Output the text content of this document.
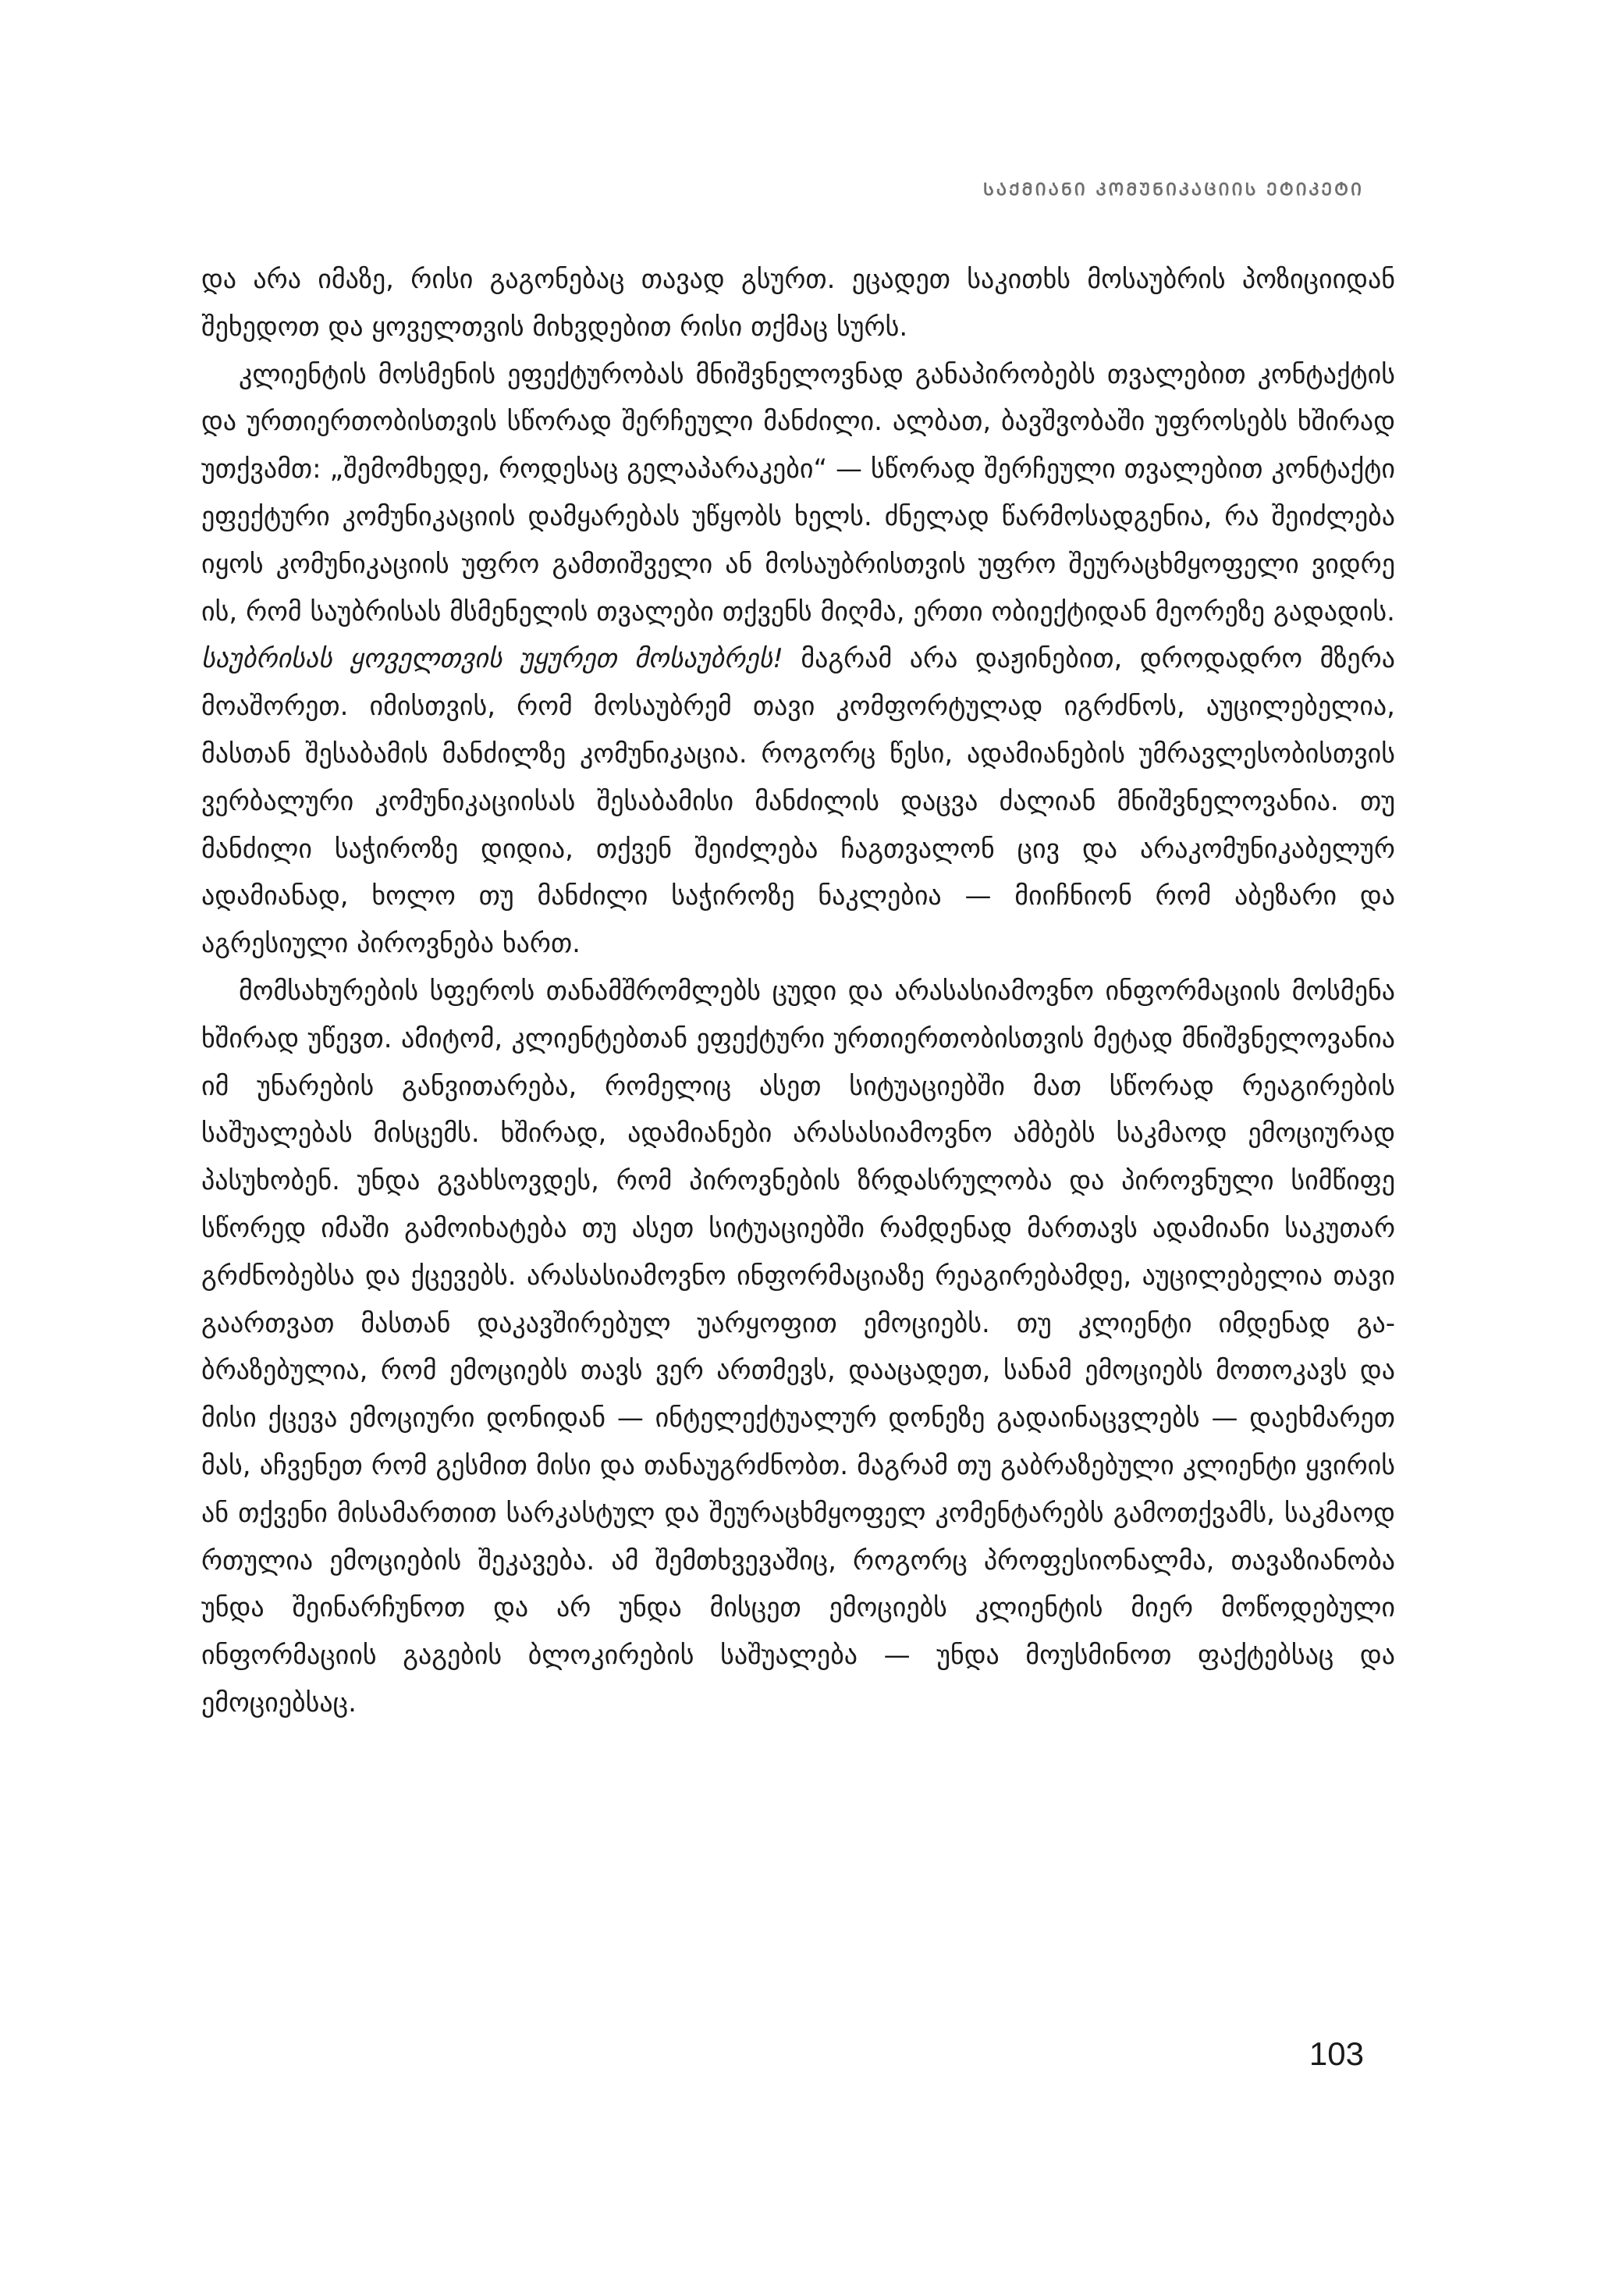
ᲡᲐᲥᲛᲘᲐᲜᲘ ᲙᲝᲛᲣᲜᲘᲙᲐᲪᲘᲘᲡ ᲔᲢᲘᲙᲔᲢᲘ

და არა იმაზე, რისი გაგონებაც თავად გსურთ. ეცადეთ საკითხს მოსაუბრის პოზიციიდან შეხედოთ და ყოველთვის მიხვდებით რისი თქმაც სურს.

კლიენტის მოსმენის ეფექტურობას მნიშვნელოვნად განაპირობებს თვალებით კონტაქტის და ურთიერთობისთვის სწორად შერჩეული მანძილი. ალბათ, ბავშვობაში უფროსებს ხშირად უთქვამთ: „შემომხედე, როდესაც გელაპარაკები“ — სწორად შერჩეული თვალებით კონტაქტი ეფექტური კომუნიკაციის დამყარებას უწყობს ხელს. ძნელად წარმოსადგენია, რა შეიძლება იყოს კომუნიკაციის უფრო გამთიშველი ან მოსაუბრისთვის უფრო შეურაცხმყოფელი ვიდრე ის, რომ საუბრისას მსმენელის თვალები თქვენს მიღმა, ერთი ობიექტიდან მეორეზე გადადის. საუბრისას ყოველთვის უყურეთ მოსაუბრეს! მაგრამ არა დაჟინებით, დროდადრო მზერა მოაშორეთ. იმისთვის, რომ მოსაუბრემ თავი კომფორტულად იგრძნოს, აუცილებელია, მასთან შესაბამის მანძილზე კომუნიკაცია. როგორც წესი, ადამიანების უმრავლესობისთვის ვერბალური კომუნიკაციისას შესაბამისი მანძილის დაცვა ძალიან მნიშვნელოვანია. თუ მანძილი საჭიროზე დიდია, თქვენ შეიძლება ჩაგთვალონ ცივ და არაკომუნიკაბელურ ადამიანად, ხოლო თუ მანძილი საჭიროზე ნაკლებია — მიიჩნიონ რომ აბეზარი და აგრესიული პიროვნება ხართ.

მომსახურების სფეროს თანამშრომლებს ცუდი და არასასიამოვნო ინფორმაციის მოსმენა ხშირად უწევთ. ამიტომ, კლიენტებთან ეფექტური ურთიერთობისთვის მეტად მნიშვნელოვანია იმ უნარების განვითარება, რომელიც ასეთ სიტუაციებში მათ სწორად რეაგირების საშუალებას მისცემს. ხშირად, ადამიანები არასასიამოვნო ამბებს საკმაოდ ემოციურად პასუხობენ. უნდა გვახსოვდეს, რომ პიროვნების ზრდასრულობა და პიროვნული სიმწიფე სწორედ იმაში გამოიხატება თუ ასეთ სიტუაციებში რამდენად მართავს ადამიანი საკუთარ გრძნობებსა და ქცევებს. არასასიამოვნო ინფორმაციაზე რეაგირებამდე, აუცილებელია თავი გაართვათ მასთან დაკავშირებულ უარყოფით ემოციებს. თუ კლიენტი იმდენად გაბრაზებულია, რომ ემოციებს თავს ვერ ართმევს, დააცადეთ, სანამ ემოციებს მოთოკავს და მისი ქცევა ემოციური დონიდან — ინტელექტუალურ დონეზე გადაინაცვლებს — დაეხმარეთ მას, აჩვენეთ რომ გესმით მისი და თანაუგრძნობთ. მაგრამ თუ გაბრაზებული კლიენტი ყვირის ან თქვენი მისამართით სარკასტულ და შეურაცხმყოფელ კომენტარებს გამოთქვამს, საკმაოდ რთულია ემოციების შეკავება. ამ შემთხვევაშიც, როგორც პროფესიონალმა, თავაზიანობა უნდა შეინარჩუნოთ და არ უნდა მისცეთ ემოციებს კლიენტის მიერ მოწოდებული ინფორმაციის გაგების ბლოკირების საშუალება — უნდა მოუსმინოთ ფაქტებსაც და ემოციებსაც.

103
